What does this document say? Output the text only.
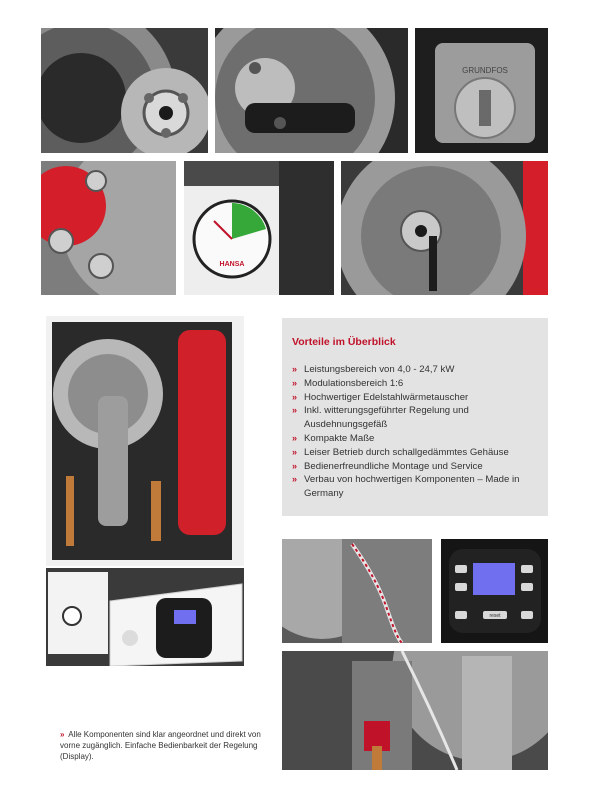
GRUNDFOS
HANSA
Vorteile im Überblick
» Leistungsbereich von 4,0 - 24,7 kW
» Modulationsbereich 1:6
» Hochwertiger Edelstahlwärmetauscher
» Inkl. witterungsgeführter Regelung und Ausdehnungsgefäß
» Kompakte Maße
» Leiser Betrieb durch schallgedämmtes Gehäuse
» Bedienerfreundliche Montage und Service
» Verbau von hochwertigen Komponenten – Made in Germany
reset
» Alle Komponenten sind klar angeordnet und direkt von vorne zugänglich. Einfache Bedienbarkeit der Regelung (Display).
